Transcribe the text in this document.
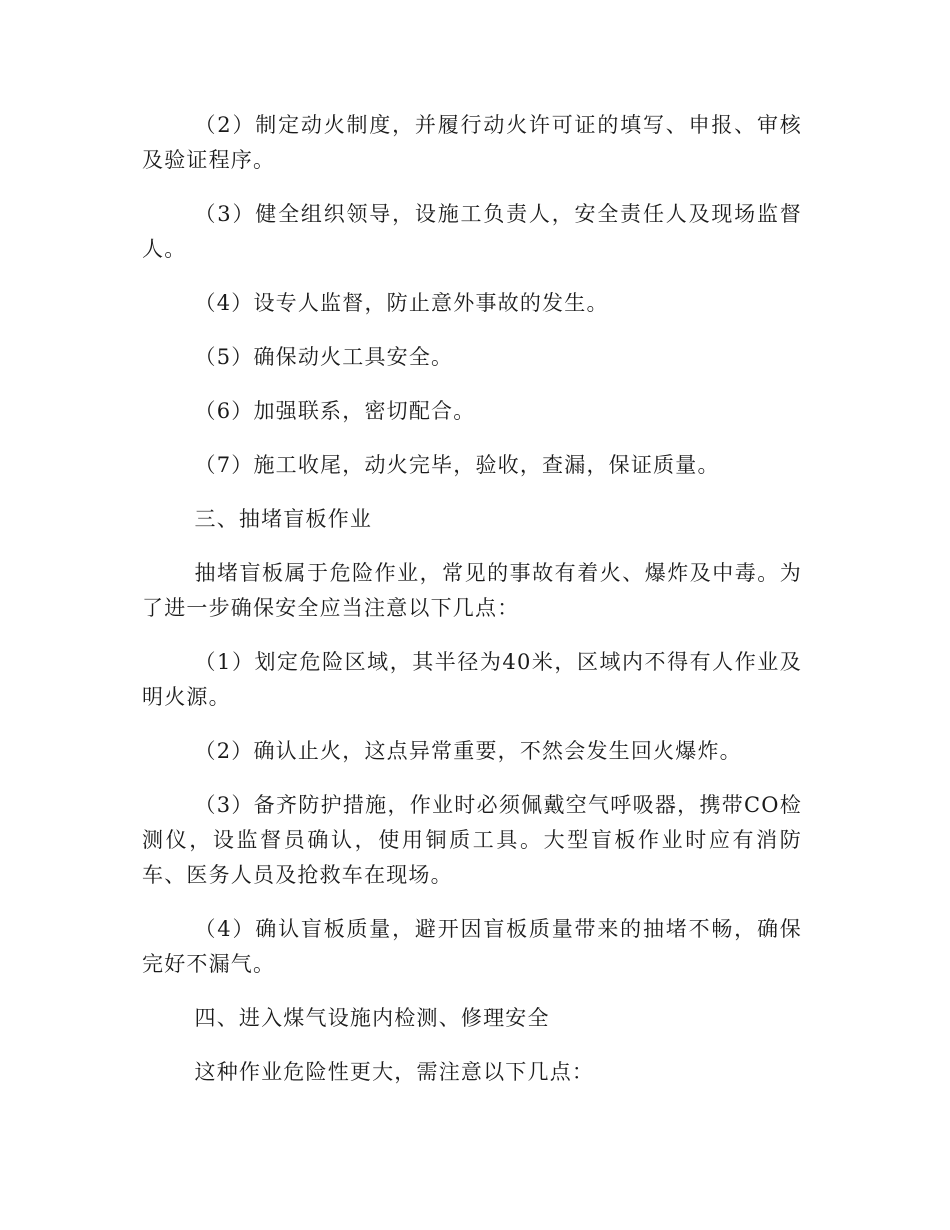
（2）制定动火制度，并履行动火许可证的填写、申报、审核及验证程序。

（3）健全组织领导，设施工负责人，安全责任人及现场监督人。

（4）设专人监督，防止意外事故的发生。

（5）确保动火工具安全。

（6）加强联系，密切配合。

（7）施工收尾，动火完毕，验收，查漏，保证质量。

三、抽堵盲板作业

抽堵盲板属于危险作业，常见的事故有着火、爆炸及中毒。为了进一步确保安全应当注意以下几点：

（1）划定危险区域，其半径为40米，区域内不得有人作业及明火源。

（2）确认止火，这点异常重要，不然会发生回火爆炸。

（3）备齐防护措施，作业时必须佩戴空气呼吸器，携带CO检测仪，设监督员确认，使用铜质工具。大型盲板作业时应有消防车、医务人员及抢救车在现场。

（4）确认盲板质量，避开因盲板质量带来的抽堵不畅，确保完好不漏气。

四、进入煤气设施内检测、修理安全

这种作业危险性更大，需注意以下几点：
